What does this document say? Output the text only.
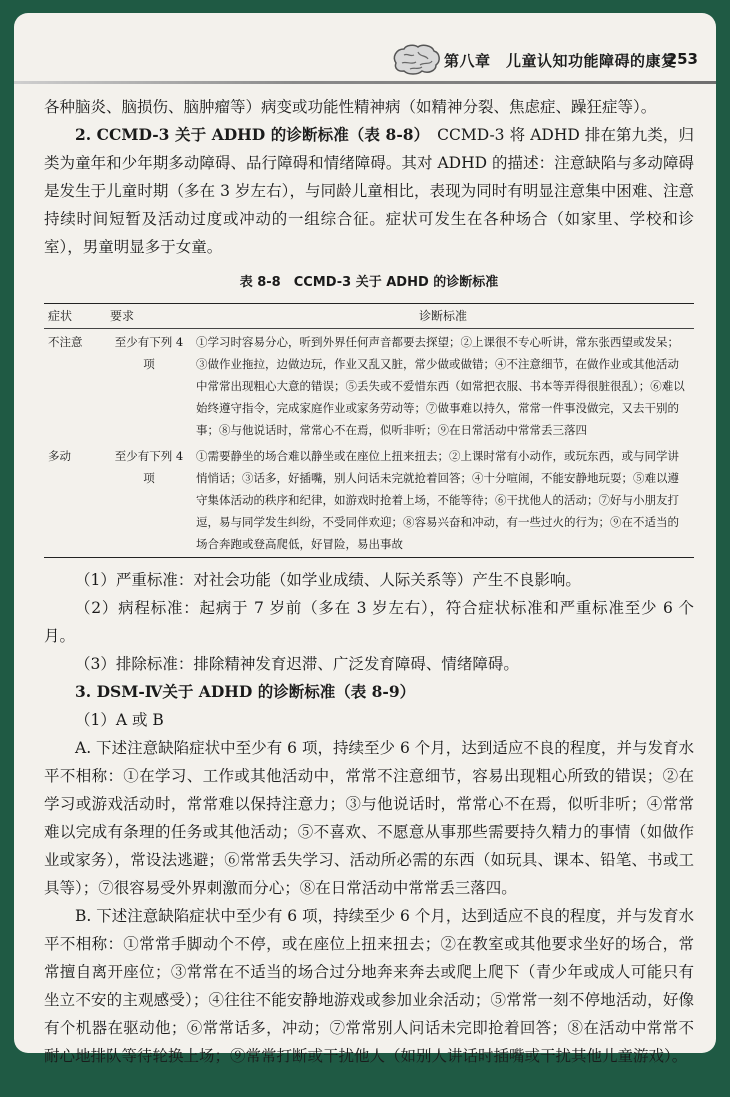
第八章　儿童认知功能障碍的康复
253

各种脑炎、脑损伤、脑肿瘤等）病变或功能性精神病（如精神分裂、焦虑症、躁狂症等）。

2. CCMD-3 关于 ADHD 的诊断标准（表 8-8）　 CCMD-3 将 ADHD 排在第九类，归类为童年和少年期多动障碍、品行障碍和情绪障碍。其对 ADHD 的描述：注意缺陷与多动障碍是发生于儿童时期（多在 3 岁左右），与同龄儿童相比，表现为同时有明显注意集中困难、注意持续时间短暂及活动过度或冲动的一组综合征。症状可发生在各种场合（如家里、学校和诊室），男童明显多于女童。

表 8-8　CCMD-3 关于 ADHD 的诊断标准
症状	要求	诊断标准
不注意	至少有下列 4 项	①学习时容易分心，听到外界任何声音都要去探望；②上课很不专心听讲，常东张西望或发呆；③做作业拖拉，边做边玩，作业又乱又脏，常少做或做错；④不注意细节，在做作业或其他活动中常常出现粗心大意的错误；⑤丢失或不爱惜东西（如常把衣服、书本等弄得很脏很乱）；⑥难以始终遵守指令，完成家庭作业或家务劳动等；⑦做事难以持久，常常一件事没做完，又去干别的事；⑧与他说话时，常常心不在焉，似听非听；⑨在日常活动中常常丢三落四
多动	至少有下列 4 项	①需要静坐的场合难以静坐或在座位上扭来扭去；②上课时常有小动作，或玩东西，或与同学讲悄悄话；③话多，好插嘴，别人问话未完就抢着回答；④十分喧闹，不能安静地玩耍；⑤难以遵守集体活动的秩序和纪律，如游戏时抢着上场，不能等待；⑥干扰他人的活动；⑦好与小朋友打逗，易与同学发生纠纷，不受同伴欢迎；⑧容易兴奋和冲动，有一些过火的行为；⑨在不适当的场合奔跑或登高爬低，好冒险，易出事故

（1）严重标准：对社会功能（如学业成绩、人际关系等）产生不良影响。

（2）病程标准：起病于 7 岁前（多在 3 岁左右），符合症状标准和严重标准至少 6 个月。

（3）排除标准：排除精神发育迟滞、广泛发育障碍、情绪障碍。

3. DSM-Ⅳ关于 ADHD 的诊断标准（表 8-9）

（1）A 或 B

A. 下述注意缺陷症状中至少有 6 项，持续至少 6 个月，达到适应不良的程度，并与发育水平不相称：①在学习、工作或其他活动中，常常不注意细节，容易出现粗心所致的错误；②在学习或游戏活动时，常常难以保持注意力；③与他说话时，常常心不在焉，似听非听；④常常难以完成有条理的任务或其他活动；⑤不喜欢、不愿意从事那些需要持久精力的事情（如做作业或家务），常设法逃避；⑥常常丢失学习、活动所必需的东西（如玩具、课本、铅笔、书或工具等）；⑦很容易受外界刺激而分心；⑧在日常活动中常常丢三落四。

B. 下述注意缺陷症状中至少有 6 项，持续至少 6 个月，达到适应不良的程度，并与发育水平不相称：①常常手脚动个不停，或在座位上扭来扭去；②在教室或其他要求坐好的场合，常常擅自离开座位；③常常在不适当的场合过分地奔来奔去或爬上爬下（青少年或成人可能只有坐立不安的主观感受）；④往往不能安静地游戏或参加业余活动；⑤常常一刻不停地活动，好像有个机器在驱动他；⑥常常话多，冲动；⑦常常别人问话未完即抢着回答；⑧在活动中常常不耐心地排队等待轮换上场；⑨常常打断或干扰他人（如别人讲话时插嘴或干扰其他儿童游戏）。
